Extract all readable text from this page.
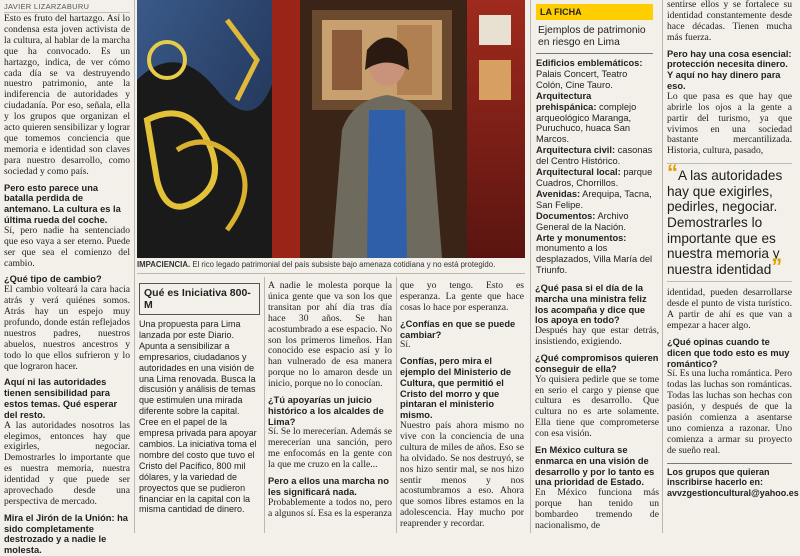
JAVIER LIZARZABURU

Esto es fruto del hartazgo. Así lo condensa esta joven activista de la cultura, al hablar de la marcha que ha convocado. Es un hartazgo, indica, de ver cómo cada día se va destruyendo nuestro patrimonio, ante la indiferencia de autoridades y ciudadanía. Por eso, señala, ella y los grupos que organizan el acto quieren sensibilizar y lograr que tomemos conciencia que memoria e identidad son claves para nuestro desarrollo, como sociedad y como país.

Pero esto parece una batalla perdida de antemano. La cultura es la última rueda del coche.

Sí, pero nadie ha sentenciado que eso vaya a ser eterno. Puede ser que sea el comienzo del cambio.

¿Qué tipo de cambio?

El cambio volteará la cara hacia atrás y verá quiénes somos. Atrás hay un espejo muy profundo, donde están reflejados nuestros padres, nuestros abuelos, nuestros ancestros y todo lo que ellos sufrieron y lo que lograron hacer.

Aquí ni las autoridades tienen sensibilidad para estos temas. Qué esperar del resto.

A las autoridades nosotros las elegimos, entonces hay que exigirles, negociar. Demostrarles lo importante que es nuestra memoria, nuestra identidad y que puede ser aprovechado desde una perspectiva de mercado.

Mira el Jirón de la Unión: ha sido completamente destrozado y a nadie le molesta.

IMPACIENCIA. El rico legado patrimonial del país subsiste bajo amenaza cotidiana y no está protegido.
Qué es Iniciativa 800-M

Una propuesta para Lima lanzada por este Diario. Apunta a sensibilizar a empresarios, ciudadanos y autoridades en una visión de una Lima renovada. Busca la discusión y análisis de temas que estimulen una mirada diferente sobre la capital. Cree en el papel de la empresa privada para apoyar cambios. La iniciativa toma el nombre del costo que tuvo el Cristo del Pacífico, 800 mil dólares, y la variedad de proyectos que se pudieron financiar en la capital con la misma cantidad de dinero.

A nadie le molesta porque la única gente que va son los que transitan por ahí día tras día hace 30 años. Se han acostumbrado a ese espacio. No son los primeros limeños. Han conocido ese espacio así y lo han vulnerado de esa manera porque no lo amaron desde un inicio, porque no lo conocían.

¿Tú apoyarías un juicio histórico a los alcaldes de Lima?

Sí. Se lo merecerían. Además se merecerían una sanción, pero me enfocomás en la gente con la que me cruzo en la calle...

Pero a ellos una marcha no les significará nada.

Probablemente a todos no, pero a algunos sí. Esa es la esperanza

que yo tengo. Esto es esperanza. La gente que hace cosas lo hace por esperanza.

¿Confías en que se puede cambiar?

Sí.

Confías, pero mira el ejemplo del Ministerio de Cultura, que permitió el Cristo del morro y que pintaran el ministerio mismo.

Nuestro país ahora mismo no vive con la conciencia de una cultura de miles de años. Eso se ha olvidado. Se nos destruyó, se nos hizo sentir mal, se nos hizo sentir menos y nos acostumbramos a eso. Ahora que somos libres estamos en la adolescencia. Hay mucho por reaprender y recordar.

LA FICHA
Ejemplos de patrimonio en riesgo en Lima

Edificios emblemáticos: Palais Concert, Teatro Colón, Cine Tauro.

Arquitectura prehispánica: complejo arqueológico Maranga, Puruchuco, huaca San Marcos.

Arquitectura civil: casonas del Centro Histórico.

Arquitectural local: parque Cuadros, Chorrillos.

Avenidas: Arequipa, Tacna, San Felipe.

Documentos: Archivo General de la Nación.

Arte y monumentos: monumento a los desplazados, Villa María del Triunfo.

¿Qué pasa si el día de la marcha una ministra feliz los acompaña y dice que los apoya en todo?

Después hay que estar detrás, insistiendo, exigiendo.

¿Qué compromisos quieren conseguir de ella?

Yo quisiera pedirle que se tome en serio el cargo y piense que cultura es desarrollo. Que cultura no es arte solamente. Ella tiene que comprometerse con esa visión.

En México cultura se enmarca en una visión de desarrollo y por lo tanto es una prioridad de Estado.

En México funciona más porque han tenido un bombardeo tremendo de nacionalismo, de

sentirse ellos y se fortalece su identidad constantemente desde hace décadas. Tienen mucha más fuerza.

Pero hay una cosa esencial: protección necesita dinero. Y aquí no hay dinero para eso.

Lo que pasa es que hay que abrirle los ojos a la gente a partir del turismo, ya que vivimos en una sociedad bastante mercantilizada. Historia, cultura, pasado,

“A las autoridades hay que exigirles, pedirles, negociar. Demostrarles lo importante que es nuestra memoria y nuestra identidad”

identidad, pueden desarrollarse desde el punto de vista turístico. A partir de ahí es que van a empezar a hacer algo.

¿Qué opinas cuando te dicen que todo esto es muy romántico?

Sí. Es una lucha romántica. Pero todas las luchas son románticas. Todas las luchas son hechas con pasión, y después de que la pasión comienza a asentarse uno comienza a razonar. Uno comienza a armar su proyecto de sueño real.

Los grupos que quieran inscribirse hacerlo en: avvzgestioncultural@yahoo.es
